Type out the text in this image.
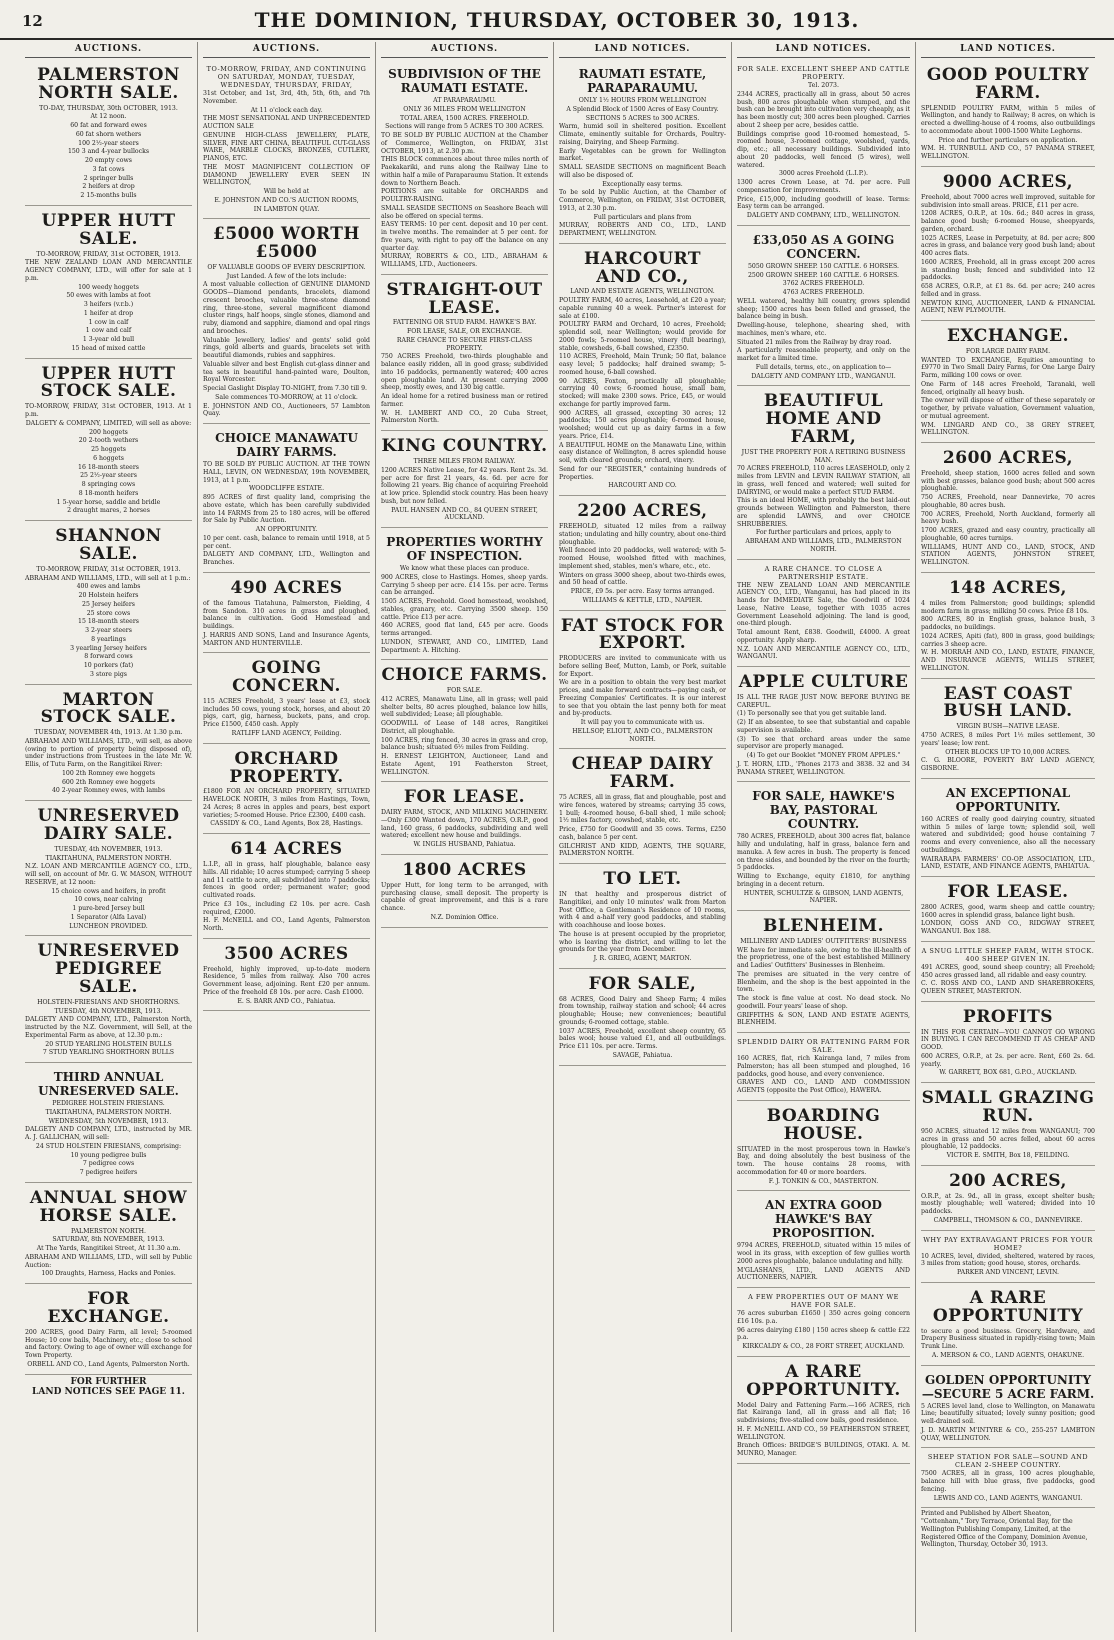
12	THE DOMINION, THURSDAY, OCTOBER 30, 1913.
AUCTIONS.
PALMERSTON NORTH SALE.

TO-DAY, THURSDAY, 30th OCTOBER, 1913.

At 12 noon.

60 fat and forward ewes

60 fat shorn wethers

100 2½-year steers

150 3 and 4-year bullocks

20 empty cows

3 fat cows

2 springer bulls

2 heifers at drop

2 15-months bulls

UPPER HUTT SALE.

TO-MORROW, FRIDAY, 31st OCTOBER, 1913.

THE NEW ZEALAND LOAN AND MERCANTILE AGENCY COMPANY, LTD., will offer for sale at 1 p.m.

100 weedy hoggets

50 ewes with lambs at foot

3 heifers (v.r.b.)

1 heifer at drop

1 cow in calf

1 cow and calf

1 3-year old bull

15 head of mixed cattle

UPPER HUTT STOCK SALE.

TO-MORROW, FRIDAY, 31st OCTOBER, 1913. At 1 p.m.

DALGETY & COMPANY, LIMITED, will sell as above:

200 hoggets

20 2-tooth wethers

25 hoggets

6 hoggets

16 18-month steers

25 2½-year steers

8 springing cows

8 18-month heifers

1 5-year horse, saddle and bridle

2 draught mares, 2 horses

SHANNON SALE.

TO-MORROW, FRIDAY, 31st OCTOBER, 1913.

ABRAHAM AND WILLIAMS, LTD., will sell at 1 p.m.:

400 ewes and lambs

20 Holstein heifers

25 Jersey heifers

25 store cows

15 18-month steers

3 2-year steers

8 yearlings

3 yearling Jersey heifers

8 forward cows

10 porkers (fat)

3 store pigs

MARTON STOCK SALE.

TUESDAY, NOVEMBER 4th, 1913. At 1.30 p.m.

ABRAHAM AND WILLIAMS, LTD., will sell, as above (owing to portion of property being disposed of), under instructions from Trustees in the late Mr. W. Ellis, of Tutu Farm, on the Rangitikei River:

100 2th Romney ewe hoggets

600 2th Romney ewe hoggets

40 2-year Romney ewes, with lambs

UNRESERVED DAIRY SALE.

TUESDAY, 4th NOVEMBER, 1913.

TIAKITAHUNA, PALMERSTON NORTH.

N.Z. LOAN AND MERCANTILE AGENCY CO., LTD., will sell, on account of Mr. G. W. MASON, WITHOUT RESERVE, at 12 noon:

15 choice cows and heifers, in profit

10 cows, near calving

1 pure-bred Jersey bull

1 Separator (Alfa Laval)

LUNCHEON PROVIDED.

UNRESERVED PEDIGREE SALE.

HOLSTEIN-FRIESIANS AND SHORTHORNS.

TUESDAY, 4th NOVEMBER, 1913.

DALGETY AND COMPANY, LTD., Palmerston North, instructed by the N.Z. Government, will Sell, at the Experimental Farm as above, at 12.30 p.m.:

20 STUD YEARLING HOLSTEIN BULLS

7 STUD YEARLING SHORTHORN BULLS

THIRD ANNUAL UNRESERVED SALE.

PEDIGREE HOLSTEIN FRIESIANS.

TIAKITAHUNA, PALMERSTON NORTH.

WEDNESDAY, 5th NOVEMBER, 1913.

DALGETY AND COMPANY, LTD., instructed by MR. A. J. GALLICHAN, will sell:

24 STUD HOLSTEIN FRIESIANS, comprising:

10 young pedigree bulls

7 pedigree cows

7 pedigree heifers

ANNUAL SHOW HORSE SALE.

PALMERSTON NORTH.

SATURDAY, 8th NOVEMBER, 1913.

At The Yards, Rangitikei Street, At 11.30 a.m.

ABRAHAM AND WILLIAMS, LTD., will sell by Public Auction:

100 Draughts, Harness, Hacks and Ponies.

FOR EXCHANGE.

200 ACRES, good Dairy Farm, all level; 5-roomed House; 10 cow bails, Machinery, etc.; close to school and factory. Owing to age of owner will exchange for Town Property.

ORBELL AND CO., Land Agents, Palmerston North.

FOR FURTHER
LAND NOTICES SEE PAGE 11.
AUCTIONS.
TO-MORROW, FRIDAY, AND CONTINUING ON SATURDAY, MONDAY, TUESDAY, WEDNESDAY, THURSDAY, FRIDAY,

31st October, and 1st, 3rd, 4th, 5th, 6th, and 7th November.

At 11 o'clock each day.

THE MOST SENSATIONAL AND UNPRECEDENTED AUCTION SALE

GENUINE HIGH-CLASS JEWELLERY, PLATE, SILVER, FINE ART CHINA, BEAUTIFUL CUT-GLASS WARE, MARBLE CLOCKS, BRONZES, CUTLERY, PIANOS, ETC.

THE MOST MAGNIFICENT COLLECTION OF DIAMOND JEWELLERY EVER SEEN IN WELLINGTON,

Will be held at

E. JOHNSTON AND CO.'S AUCTION ROOMS,

IN LAMBTON QUAY.

£5000 WORTH £5000

OF VALUABLE GOODS OF EVERY DESCRIPTION.

Just Landed. A few of the lots include:

A most valuable collection of GENUINE DIAMOND GOODS—Diamond pendants, bracelets, diamond crescent brooches, valuable three-stone diamond ring, three-stone, several magnificent diamond cluster rings, half hoops, single stones, diamond and ruby, diamond and sapphire, diamond and opal rings and brooches.

Valuable Jewellery, ladies' and gents' solid gold rings, gold alberts and guards, bracelets set with beautiful diamonds, rubies and sapphires.

Valuable silver and best English cut-glass dinner and tea sets in beautiful hand-painted ware, Doulton, Royal Worcester.

Special Gaslight Display TO-NIGHT, from 7.30 till 9.

Sale commences TO-MORROW, at 11 o'clock.

E. JOHNSTON AND CO., Auctioneers, 57 Lambton Quay.

CHOICE MANAWATU DAIRY FARMS.

TO BE SOLD BY PUBLIC AUCTION. AT THE TOWN HALL, LEVIN, ON WEDNESDAY, 19th NOVEMBER, 1913, at 1 p.m.

WOODCLIFFE ESTATE.

895 ACRES of first quality land, comprising the above estate, which has been carefully subdivided into 14 FARMS from 25 to 180 acres, will be offered for Sale by Public Auction.

AN OPPORTUNITY.

10 per cent. cash, balance to remain until 1918, at 5 per cent.

DALGETY AND COMPANY, LTD., Wellington and Branches.

490 ACRES

of the famous Tiatahuna, Palmerston, Fielding, 4 from Sandon. 310 acres in grass and ploughed, balance in cultivation. Good Homestead and buildings.

J. HARRIS AND SONS, Land and Insurance Agents, MARTON AND HUNTERVILLE.

GOING CONCERN.

115 ACRES Freehold, 3 years' lease at £3, stock includes 50 cows, young stock, horses, and about 20 pigs, cart, gig, harness, buckets, pans, and crop. Price £1500, £450 cash. Apply

RATLIFF LAND AGENCY, Feilding.

ORCHARD PROPERTY.

£1800 FOR AN ORCHARD PROPERTY, SITUATED HAVELOCK NORTH, 3 miles from Hastings, Town, 24 Acres; 8 acres in apples and pears, best export varieties; 5-roomed House. Price £2300, £400 cash.

CASSIDY & CO., Land Agents, Box 28, Hastings.

614 ACRES

L.I.P., all in grass, half ploughable, balance easy hills. All ridable; 10 acres stumped; carrying 5 sheep and 11 cattle to acre, all subdivided into 7 paddocks; fences in good order; permanent water; good cultivated roads.

Price £3 10s., including £2 10s. per acre. Cash required, £2000.

H. F. McNEILL and CO., Land Agents, Palmerston North.

3500 ACRES

Freehold, highly improved, up-to-date modern Residence, 5 miles from railway. Also 700 acres Government lease, adjoining. Rent £20 per annum. Price of the freehold £8 10s. per acre. Cash £1000.

E. S. BARR AND CO., Pahiatua.

AUCTIONS.
SUBDIVISION OF THE RAUMATI ESTATE.

AT PARAPARAUMU.

ONLY 36 MILES FROM WELLINGTON

TOTAL AREA, 1500 ACRES. FREEHOLD.

Sections will range from 5 ACRES TO 300 ACRES.

TO BE SOLD BY PUBLIC AUCTION at the Chamber of Commerce, Wellington, on FRIDAY, 31st OCTOBER, 1913, at 2.30 p.m.

THIS BLOCK commences about three miles north of Paekakariki, and runs along the Railway Line to within half a mile of Paraparaumu Station. It extends down to Northern Beach.

PORTIONS are suitable for ORCHARDS and POULTRY-RAISING.

SMALL SEASIDE SECTIONS on Seashore Beach will also be offered on special terms.

EASY TERMS: 10 per cent. deposit and 10 per cent. in twelve months. The remainder at 5 per cent. for five years, with right to pay off the balance on any quarter day.

MURRAY, ROBERTS & CO., LTD., ABRAHAM & WILLIAMS, LTD., Auctioneers.

STRAIGHT-OUT LEASE.

FATTENING OR STUD FARM. HAWKE'S BAY.

FOR LEASE, SALE, OR EXCHANGE.

RARE CHANCE TO SECURE FIRST-CLASS PROPERTY.

750 ACRES Freehold, two-thirds ploughable and balance easily ridden, all in good grass; subdivided into 16 paddocks, permanently watered; 400 acres open ploughable land. At present carrying 2000 sheep, mostly ewes, and 130 big cattle.

An ideal home for a retired business man or retired farmer.

W. H. LAMBERT AND CO., 20 Cuba Street, Palmerston North.

KING COUNTRY.

THREE MILES FROM RAILWAY.

1200 ACRES Native Lease, for 42 years. Rent 2s. 3d. per acre for first 21 years, 4s. 6d. per acre for following 21 years. Big chance of acquiring Freehold at low price. Splendid stock country. Has been heavy bush, but now felled.

PAUL HANSEN AND CO., 84 QUEEN STREET, AUCKLAND.

PROPERTIES WORTHY OF INSPECTION.

We know what these places can produce.

900 ACRES, close to Hastings. Homes, sheep yards. Carrying 5 sheep per acre. £14 15s. per acre. Terms can be arranged.

1505 ACRES, Freehold. Good homestead, woolshed, stables, granary, etc. Carrying 3500 sheep. 150 cattle. Price £13 per acre.

460 ACRES, good flat land, £45 per acre. Goods terms arranged.

LUNDON, STEWART, AND CO., LIMITED, Land Department: A. Hitching.

CHOICE FARMS.

FOR SALE.

412 ACRES, Manawatu Line, all in grass; well paid shelter belts, 80 acres ploughed, balance low hills, well subdivided; Lease; all ploughable.

GOODWILL of Lease of 148 acres, Rangitikei District, all ploughable.

100 ACRES, ring fenced, 30 acres in grass and crop, balance bush; situated 6½ miles from Feilding.

H. ERNEST LEIGHTON, Auctioneer, Land and Estate Agent, 191 Featherston Street, WELLINGTON.

FOR LEASE.

DAIRY FARM, STOCK, AND MILKING MACHINERY.—Only £300 Wanted down, 170 ACRES, O.R.P., good land, 160 grass, 6 paddocks, subdividing and well watered; excellent new house and buildings.

W. INGLIS HUSBAND, Pahiatua.

1800 ACRES

Upper Hutt, for long term to be arranged, with purchasing clause, small deposit. The property is capable of great improvement, and this is a rare chance.

N.Z. Dominion Office.

LAND NOTICES.
RAUMATI ESTATE, PARAPARAUMU.

ONLY 1½ HOURS FROM WELLINGTON

A Splendid Block of 1500 Acres of Easy Country.

SECTIONS 5 ACRES to 300 ACRES.

Warm, humid soil in sheltered position. Excellent Climate, eminently suitable for Orchards, Poultry-raising, Dairying, and Sheep Farming.

Early Vegetables can be grown for Wellington market.

SMALL SEASIDE SECTIONS on magnificent Beach will also be disposed of.

Exceptionally easy terms.

To be sold by Public Auction, at the Chamber of Commerce, Wellington, on FRIDAY, 31st OCTOBER, 1913, at 2.30 p.m.

Full particulars and plans from

MURRAY, ROBERTS AND CO., LTD., LAND DEPARTMENT, WELLINGTON.

HARCOURT AND CO.,

LAND AND ESTATE AGENTS, WELLINGTON.

POULTRY FARM, 40 acres, Leasehold, at £20 a year; capable running 40 a week. Partner's interest for sale at £100.

POULTRY FARM and Orchard, 10 acres, Freehold; splendid soil, near Wellington; would provide for 2000 fowls; 5-roomed house, vinery (full bearing), stable, cowsheds, 6-ball cowshed, £2350.

110 ACRES, Freehold, Main Trunk; 50 flat, balance easy level; 5 paddocks; half drained swamp; 5-roomed house, 6-ball cowshed.

90 ACRES, Foxton, practically all ploughable; carrying 40 cows; 6-roomed house, small bam, stocked; will make 2300 sows. Price, £45, or would exchange for partly improved farm.

900 ACRES, all grassed, excepting 30 acres; 12 paddocks; 150 acres ploughable; 6-roomed house, woolshed; would cut up as dairy farms in a few years. Price, £14.

A BEAUTIFUL HOME on the Manawatu Line, within easy distance of Wellington, 8 acres splendid house soil, with cleared grounds; orchard, vinery.

Send for our "REGISTER," containing hundreds of Properties.

HARCOURT AND CO.

2200 ACRES,

FREEHOLD, situated 12 miles from a railway station; undulating and hilly country, about one-third ploughable.

Well fenced into 20 paddocks, well watered; with 5-roomed House, woolshed fitted with machines, implement shed, stables, men's whare, etc., etc.

Winters on grass 3000 sheep, about two-thirds ewes, and 50 head of cattle.

PRICE, £9 5s. per acre. Easy terms arranged.

WILLIAMS & KETTLE, LTD., NAPIER.

FAT STOCK FOR EXPORT.

PRODUCERS are invited to communicate with us before selling Beef, Mutton, Lamb, or Pork, suitable for Export.

We are in a position to obtain the very best market prices, and make forward contracts—paying cash, or Freezing Companies' Certificates. It is our interest to see that you obtain the last penny both for meat and by-products.

It will pay you to communicate with us.

HELLSOP, ELIOTT, AND CO., PALMERSTON NORTH.

CHEAP DAIRY FARM.

75 ACRES, all in grass, flat and ploughable, post and wire fences, watered by streams; carrying 35 cows, 1 bull; 4-roomed house, 6-ball shed, 1 mile school; 1½ miles factory, cowshed, stable, etc.

Price, £750 for Goodwill and 35 cows. Terms, £250 cash, balance 5 per cent.

GILCHRIST AND KIDD, AGENTS, THE SQUARE, PALMERSTON NORTH.

TO LET.

IN that healthy and prosperous district of Rangitikei, and only 10 minutes' walk from Marton Post Office, a Gentleman's Residence of 10 rooms, with 4 and a-half very good paddocks, and stabling with coachhouse and loose boxes.

The house is at present occupied by the proprietor, who is leaving the district, and willing to let the grounds for the year from December.

J. R. GRIEG, AGENT, MARTON.

FOR SALE,

68 ACRES, Good Dairy and Sheep Farm; 4 miles from township, railway station and school; 44 acres ploughable; House; new conveniences; beautiful grounds; 6-roomed cottage, stable.

1037 ACRES, Freehold, excellent sheep country, 65 bales wool; house valued £1, and all outbuildings. Price £11 10s. per acre. Terms.

SAVAGE, Pahiatua.

LAND NOTICES.
FOR SALE. EXCELLENT SHEEP AND CATTLE PROPERTY.

Tel. 2073.

2344 ACRES, practically all in grass, about 50 acres bush, 800 acres ploughable when stumped, and the bush can be brought into cultivation very cheaply, as it has been mostly cut; 300 acres been ploughed. Carries about 2 sheep per acre, besides cattle.

Buildings comprise good 10-roomed homestead, 5-roomed house, 3-roomed cottage, woolshed, yards, dip, etc.; all necessary buildings. Subdivided into about 20 paddocks, well fenced (5 wires), well watered.

3000 acres Freehold (L.I.P.).

1300 acres Crown Lease, at 7d. per acre. Full compensation for improvements.

Price, £15,000, including goodwill of lease. Terms: Easy term can be arranged.

DALGETY AND COMPANY, LTD., WELLINGTON.

£33,050 AS A GOING CONCERN.

5050 GROWN SHEEP. 150 CATTLE. 6 HORSES.

2500 GROWN SHEEP. 160 CATTLE. 6 HORSES.

3762 ACRES FREEHOLD.

4763 ACRES FREEHOLD.

WELL watered, healthy hill country, grows splendid sheep; 1500 acres has been felled and grassed, the balance being in bush.

Dwelling-house, telephone, shearing shed, with machines, men's whare, etc.

Situated 21 miles from the Railway by dray road.

A particularly reasonable property, and only on the market for a limited time.

Full details, terms, etc., on application to—

DALGETY AND COMPANY LTD., WANGANUI.

BEAUTIFUL HOME AND FARM,

JUST THE PROPERTY FOR A RETIRING BUSINESS MAN.

70 ACRES FREEHOLD, 110 acres LEASEHOLD, only 2 miles from LEVIN and LEVIN RAILWAY STATION, all in grass, well fenced and watered; well suited for DAIRYING, or would make a perfect STUD FARM.

This is an ideal HOME, with probably the best laid-out grounds between Wellington and Palmerston, there are splendid LAWNS, and over CHOICE SHRUBBERIES.

For further particulars and prices, apply to

ABRAHAM AND WILLIAMS, LTD., PALMERSTON NORTH.

A RARE CHANCE. TO CLOSE A PARTNERSHIP ESTATE.

THE NEW ZEALAND LOAN AND MERCANTILE AGENCY CO., LTD., Wanganui, has had placed in its hands for IMMEDIATE Sale, the Goodwill of 1024 Lease, Native Lease, together with 1035 acres Government Leasehold adjoining. The land is good, one-third plough.

Total amount Rent, £838. Goodwill, £4000. A great opportunity. Apply sharp.

N.Z. LOAN AND MERCANTILE AGENCY CO., LTD., WANGANUI.

APPLE CULTURE

IS ALL THE RAGE JUST NOW. BEFORE BUYING BE CAREFUL.

(1) To personally see that you get suitable land.

(2) If an absentee, to see that substantial and capable supervision is available.

(3) To see that orchard areas under the same supervisor are properly managed.

(4) To get our Booklet "MONEY FROM APPLES."

J. T. HORN, LTD., 'Phones 2173 and 3838. 32 and 34 PANAMA STREET, WELLINGTON.

FOR SALE, HAWKE'S BAY, PASTORAL COUNTRY.

780 ACRES, FREEHOLD, about 300 acres flat, balance hilly and undulating, half in grass, balance fern and manuka. A few acres in bush. The property is fenced on three sides, and bounded by the river on the fourth; 5 paddocks.

Willing to Exchange, equity £1810, for anything bringing in a decent return.

HUNTER, SCHULTZE & GIBSON, LAND AGENTS, NAPIER.

BLENHEIM.

MILLINERY AND LADIES' OUTFITTERS' BUSINESS

WE have for immediate sale, owing to the ill-health of the proprietress, one of the best established Millinery and Ladies' Outfitters' Businesses in Blenheim.

The premises are situated in the very centre of Blenheim, and the shop is the best appointed in the town.

The stock is fine value at cost. No dead stock. No goodwill. Four years' lease of shop.

GRIFFITHS & SON, LAND AND ESTATE AGENTS, BLENHEIM.

SPLENDID DAIRY OR FATTENING FARM FOR SALE.

160 ACRES, flat, rich Kairanga land, 7 miles from Palmerston; has all been stumped and ploughed, 16 paddocks, good house, and every convenience.

GRAVES AND CO., LAND AND COMMISSION AGENTS (opposite the Post Office), HAWERA.

BOARDING HOUSE.

SITUATED in the most prosperous town in Hawke's Bay, and doing absolutely the best business of the town. The house contains 28 rooms, with accommodation for 40 or more boarders.

F. J. TONKIN & CO., MASTERTON.

AN EXTRA GOOD HAWKE'S BAY PROPOSITION.

9794 ACRES, FREEHOLD, situated within 15 miles of wool in its grass, with exception of few gullies worth 2000 acres ploughable, balance undulating and hilly.

M'GLASHANS, LTD., LAND AGENTS AND AUCTIONEERS, NAPIER.

A FEW PROPERTIES OUT OF MANY WE HAVE FOR SALE.

76 acres suburban £1650 | 350 acres going concern £16 10s. p.a.

96 acres dairying £180 | 150 acres sheep & cattle £22 p.a.

KIRKCALDY & CO., 28 FORT STREET, AUCKLAND.

A RARE OPPORTUNITY.

Model Dairy and Fattening Farm.—166 ACRES, rich flat Kairanga land, all in grass and all flat; 16 subdivisions; five-stalled cow bails, good residence.

H. F. McNEILL AND CO., 59 FEATHERSTON STREET, WELLINGTON.

Branch Offices: BRIDGE'S BUILDINGS, OTAKI. A. M. MUNRO, Manager.

LAND NOTICES.
GOOD POULTRY FARM.

SPLENDID POULTRY FARM, within 5 miles of Wellington, and handy to Railway; 8 acres, on which is erected a dwelling-house of 4 rooms, also outbuildings to accommodate about 1000-1500 White Leghorns.

Price and further particulars on application.

WM. H. TURNBULL AND CO., 57 PANAMA STREET, WELLINGTON.

9000 ACRES,

Freehold, about 7000 acres well improved, suitable for subdivision into small areas. PRICE, £11 per acre.

1208 ACRES, O.R.P., at 10s. 6d.; 840 acres in grass, balance good bush; 6-roomed House, sheepyards, garden, orchard.

1025 ACRES, Lease in Perpetuity, at 8d. per acre; 800 acres in grass, and balance very good bush land; about 400 acres flats.

1600 ACRES, Freehold, all in grass except 200 acres in standing bush; fenced and subdivided into 12 paddocks.

658 ACRES, O.R.P., at £1 8s. 6d. per acre; 240 acres felled and in grass.

NEWTON KING, AUCTIONEER, LAND & FINANCIAL AGENT, NEW PLYMOUTH.

EXCHANGE.

FOR LARGE DAIRY FARM.

WANTED TO EXCHANGE, Equities amounting to £9770 in Two Small Dairy Farms, for One Large Dairy Farm, milking 100 cows or over.

One Farm of 148 acres Freehold, Taranaki, well fenced, originally all heavy bush.

The owner will dispose of either of these separately or together, by private valuation, Government valuation, or mutual agreement.

WM. LINGARD AND CO., 38 GREY STREET, WELLINGTON.

2600 ACRES,

Freehold, sheep station, 1600 acres felled and sown with best grasses, balance good bush; about 500 acres ploughable.

750 ACRES, Freehold, near Dannevirke, 70 acres ploughable, 80 acres bush.

700 ACRES, Freehold, North Auckland, formerly all heavy bush.

1700 ACRES, grazed and easy country, practically all ploughable, 60 acres turnips.

WILLIAMS, HUNT AND CO., LAND, STOCK, AND STATION AGENTS, JOHNSTON STREET, WELLINGTON.

148 ACRES,

4 miles from Palmerston; good buildings; splendid modern farm in grass; milking 50 cows. Price £8 10s.

800 ACRES, 80 in English grass, balance bush, 3 paddocks, no buildings.

1024 ACRES, Apiti (fat), 800 in grass, good buildings; carries 3 sheep acre.

W. H. MORRAH AND CO., LAND, ESTATE, FINANCE, AND INSURANCE AGENTS, WILLIS STREET, WELLINGTON.

EAST COAST BUSH LAND.

VIRGIN BUSH—NATIVE LEASE.

4750 ACRES, 8 miles Port 1½ miles settlement, 30 years' lease; low rent.

OTHER BLOCKS UP TO 10,000 ACRES.

C. G. BLOORE, POVERTY BAY LAND AGENCY, GISBORNE.

AN EXCEPTIONAL OPPORTUNITY.

160 ACRES of really good dairying country, situated within 5 miles of large town; splendid soil, well watered and subdivided; good house containing 7 rooms and every convenience, also all the necessary outbuildings.

WAIRARAPA FARMERS' CO-OP. ASSOCIATION, LTD., LAND, ESTATE, AND FINANCE AGENTS, PAHIATUA.

FOR LEASE.

2800 ACRES, good, warm sheep and cattle country; 1600 acres in splendid grass, balance light bush.

LONDON, GOSS AND CO., RIDGWAY STREET, WANGANUI. Box 188.

A SNUG LITTLE SHEEP FARM, WITH STOCK. 400 SHEEP GIVEN IN.

491 ACRES, good, sound sheep country; all Freehold; 450 acres grassed land, all ridable and easy country.

C. C. ROSS AND CO., LAND AND SHAREBROKERS, QUEEN STREET, MASTERTON.

PROFITS

IN THIS FOR CERTAIN—YOU CANNOT GO WRONG IN BUYING. I CAN RECOMMEND IT AS CHEAP AND GOOD.

600 ACRES, O.R.P., at 2s. per acre. Rent, £60 2s. 6d. yearly.

W. GARRETT, BOX 681, G.P.O., AUCKLAND.

SMALL GRAZING RUN.

950 ACRES, situated 12 miles from WANGANUI; 700 acres in grass and 50 acres felled, about 60 acres ploughable, 12 paddocks.

VICTOR E. SMITH, Box 18, FEILDING.

200 ACRES,

O.R.P., at 2s. 9d., all in grass, except shelter bush; mostly ploughable; well watered; divided into 10 paddocks.

CAMPBELL, THOMSON & CO., DANNEVIRKE.

WHY PAY EXTRAVAGANT PRICES FOR YOUR HOME?

10 ACRES, level, divided, sheltered, watered by races, 3 miles from station; good house, stores, orchards.

PARKER AND VINCENT, LEVIN.

A RARE OPPORTUNITY

to secure a good business. Grocery, Hardware, and Drapery Business situated in rapidly-rising town; Main Trunk Line.

A. MERSON & CO., LAND AGENTS, OHAKUNE.

GOLDEN OPPORTUNITY—SECURE 5 ACRE FARM.

5 ACRES level land, close to Wellington, on Manawatu Line; beautifully situated; lovely sunny position; good well-drained soil.

J. D. MARTIN M'INTYRE & CO., 255-257 LAMBTON QUAY, WELLINGTON.

SHEEP STATION FOR SALE—SOUND AND CLEAN 2-SHEEP COUNTRY.

7500 ACRES, all in grass, 100 acres ploughable, balance hill with blue grass, five paddocks, good fencing.

LEWIS AND CO., LAND AGENTS, WANGANUI.

Printed and Published by Albert Sheaton, "Cottenham," Tory Terrace, Oriental Bay, for the Wellington Publishing Company, Limited, at the Registered Office of the Company, Dominion Avenue, Wellington, Thursday, October 30, 1913.
